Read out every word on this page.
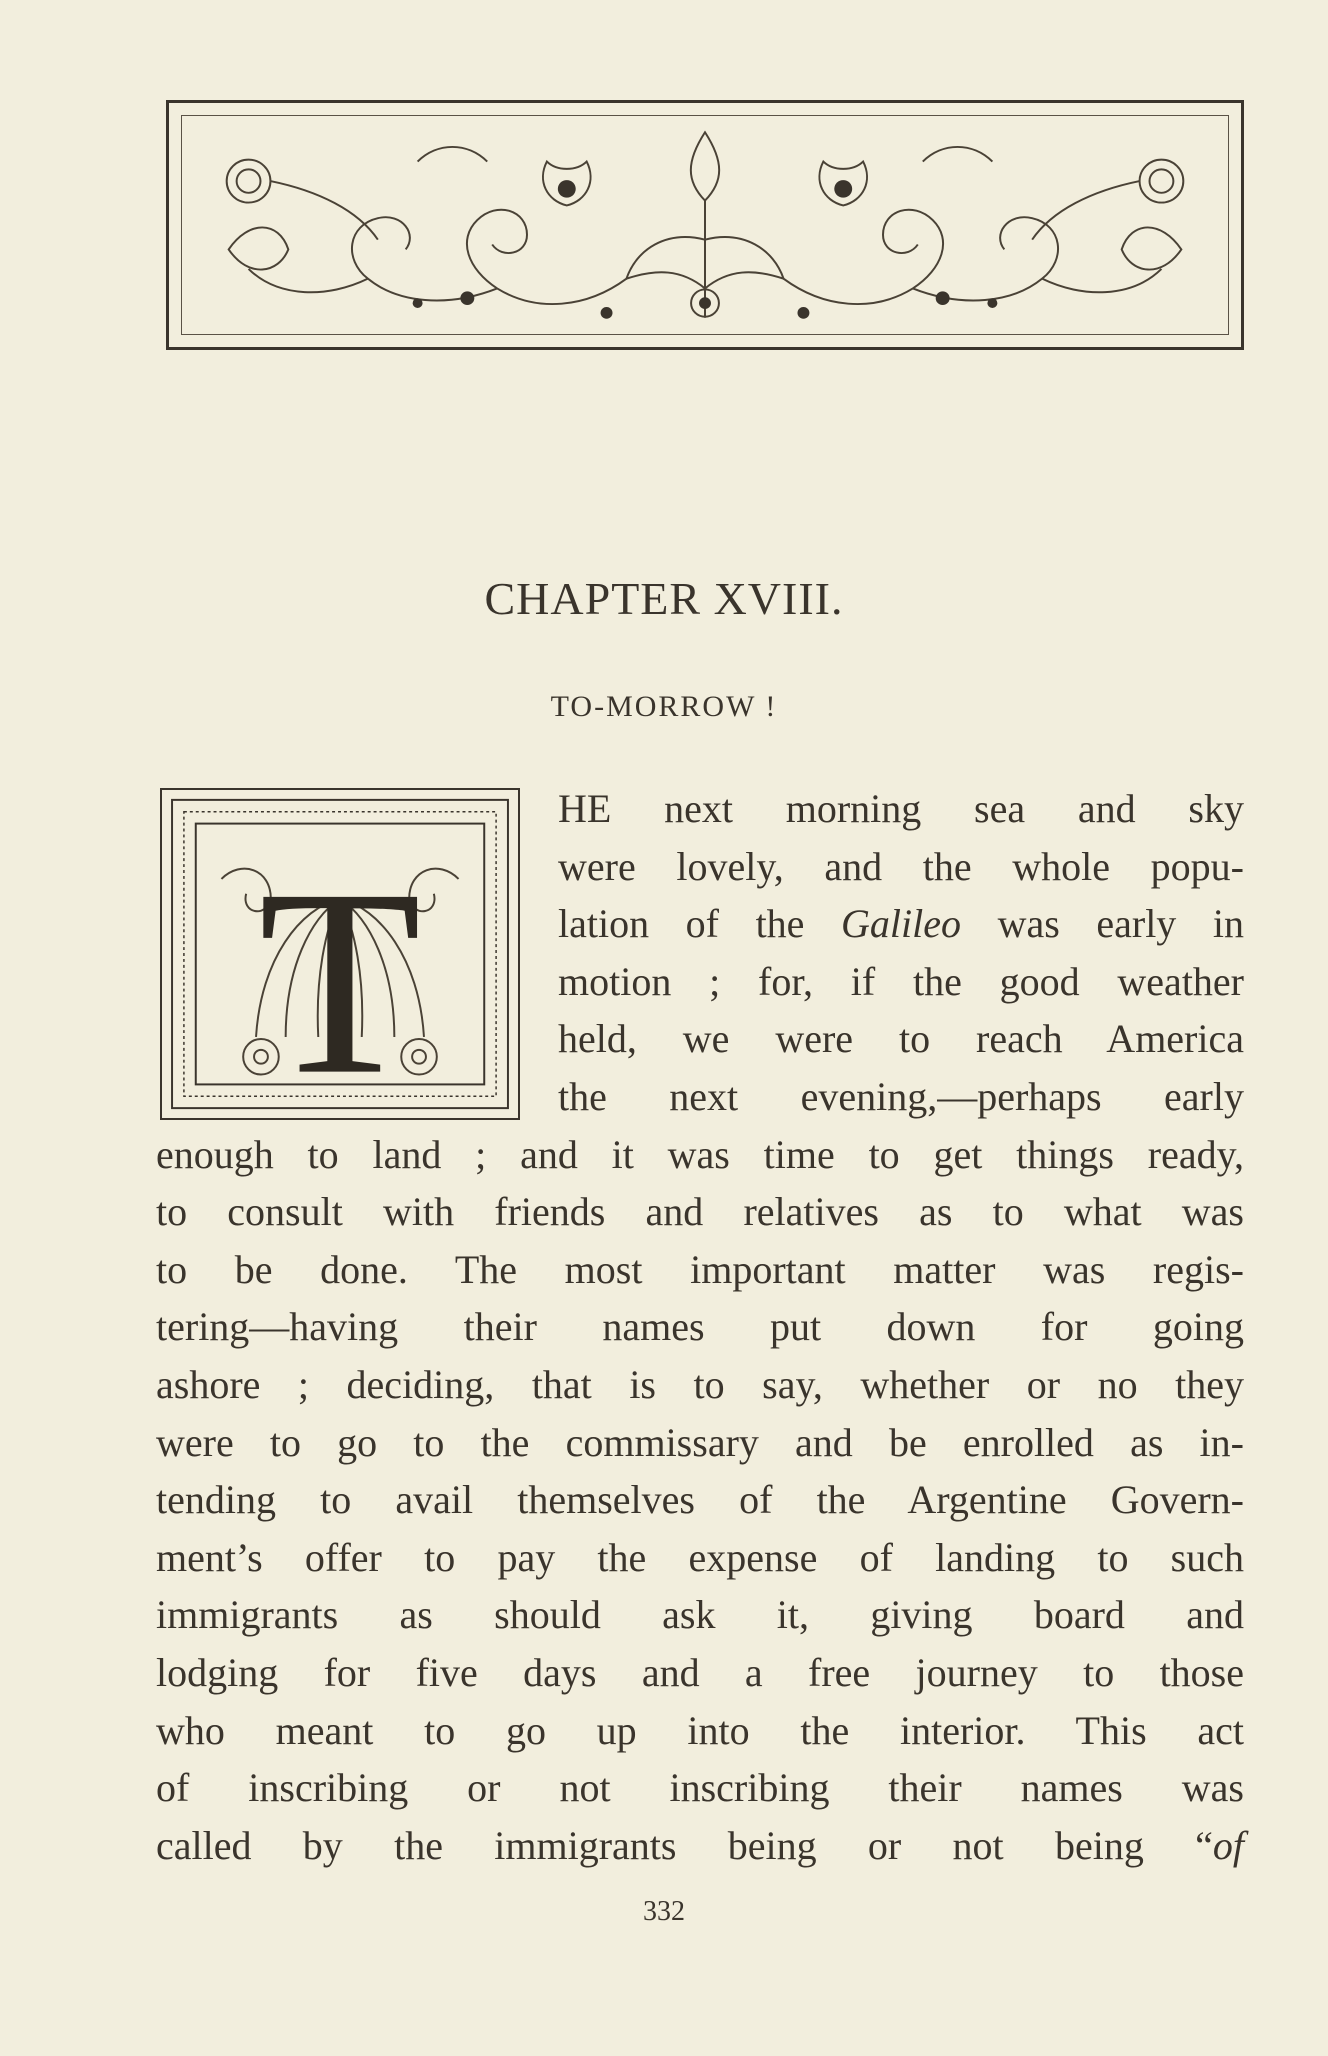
CHAPTER XVIII.
TO-MORROW !
T
HE next morning sea and sky
were lovely, and the whole popu-
lation of the Galileo was early in
motion ; for, if the good weather
held, we were to reach America
the next evening,—perhaps early
enough to land ; and it was time to get things ready,
to consult with friends and relatives as to what was
to be done. The most important matter was regis-
tering—having their names put down for going
ashore ; deciding, that is to say, whether or no they
were to go to the commissary and be enrolled as in-
tending to avail themselves of the Argentine Govern-
ment’s offer to pay the expense of landing to such
immigrants as should ask it, giving board and
lodging for five days and a free journey to those
who meant to go up into the interior. This act
of inscribing or not inscribing their names was
called by the immigrants being or not being “of
332
